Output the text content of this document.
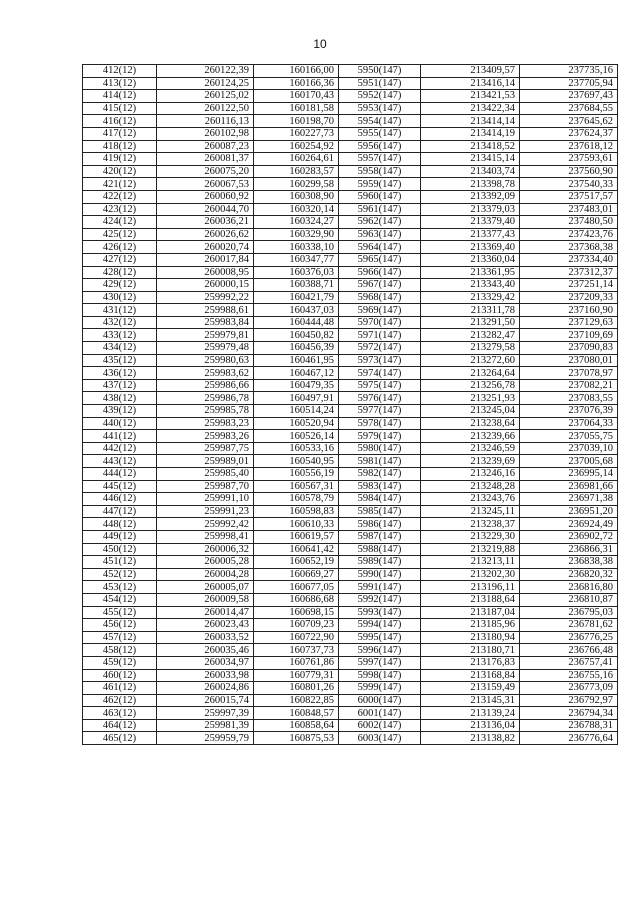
10
412(12)	260122,39	160166,00	5950(147)	213409,57	237735,16
413(12)	260124,25	160166,36	5951(147)	213416,14	237705,94
414(12)	260125,02	160170,43	5952(147)	213421,53	237697,43
415(12)	260122,50	160181,58	5953(147)	213422,34	237684,55
416(12)	260116,13	160198,70	5954(147)	213414,14	237645,62
417(12)	260102,98	160227,73	5955(147)	213414,19	237624,37
418(12)	260087,23	160254,92	5956(147)	213418,52	237618,12
419(12)	260081,37	160264,61	5957(147)	213415,14	237593,61
420(12)	260075,20	160283,57	5958(147)	213403,74	237560,90
421(12)	260067,53	160299,58	5959(147)	213398,78	237540,33
422(12)	260060,92	160308,90	5960(147)	213392,09	237517,57
423(12)	260044,70	160320,14	5961(147)	213379,03	237483,01
424(12)	260036,21	160324,27	5962(147)	213379,40	237480,50
425(12)	260026,62	160329,90	5963(147)	213377,43	237423,76
426(12)	260020,74	160338,10	5964(147)	213369,40	237368,38
427(12)	260017,84	160347,77	5965(147)	213360,04	237334,40
428(12)	260008,95	160376,03	5966(147)	213361,95	237312,37
429(12)	260000,15	160388,71	5967(147)	213343,40	237251,14
430(12)	259992,22	160421,79	5968(147)	213329,42	237209,33
431(12)	259988,61	160437,03	5969(147)	213311,78	237160,90
432(12)	259983,84	160444,48	5970(147)	213291,50	237129,63
433(12)	259979,81	160450,82	5971(147)	213282,47	237109,69
434(12)	259979,48	160456,39	5972(147)	213279,58	237090,83
435(12)	259980,63	160461,95	5973(147)	213272,60	237080,01
436(12)	259983,62	160467,12	5974(147)	213264,64	237078,97
437(12)	259986,66	160479,35	5975(147)	213256,78	237082,21
438(12)	259986,78	160497,91	5976(147)	213251,93	237083,55
439(12)	259985,78	160514,24	5977(147)	213245,04	237076,39
440(12)	259983,23	160520,94	5978(147)	213238,64	237064,33
441(12)	259983,26	160526,14	5979(147)	213239,66	237055,75
442(12)	259987,75	160533,16	5980(147)	213246,59	237039,10
443(12)	259989,01	160540,95	5981(147)	213239,69	237005,68
444(12)	259985,40	160556,19	5982(147)	213246,16	236995,14
445(12)	259987,70	160567,31	5983(147)	213248,28	236981,66
446(12)	259991,10	160578,79	5984(147)	213243,76	236971,38
447(12)	259991,23	160598,83	5985(147)	213245,11	236951,20
448(12)	259992,42	160610,33	5986(147)	213238,37	236924,49
449(12)	259998,41	160619,57	5987(147)	213229,30	236902,72
450(12)	260006,32	160641,42	5988(147)	213219,88	236866,31
451(12)	260005,28	160652,19	5989(147)	213213,11	236838,38
452(12)	260004,28	160669,27	5990(147)	213202,30	236820,32
453(12)	260005,07	160677,05	5991(147)	213196,11	236816,80
454(12)	260009,58	160686,68	5992(147)	213188,64	236810,87
455(12)	260014,47	160698,15	5993(147)	213187,04	236795,03
456(12)	260023,43	160709,23	5994(147)	213185,96	236781,62
457(12)	260033,52	160722,90	5995(147)	213180,94	236776,25
458(12)	260035,46	160737,73	5996(147)	213180,71	236766,48
459(12)	260034,97	160761,86	5997(147)	213176,83	236757,41
460(12)	260033,98	160779,31	5998(147)	213168,84	236755,16
461(12)	260024,86	160801,26	5999(147)	213159,49	236773,09
462(12)	260015,74	160822,85	6000(147)	213145,31	236792,97
463(12)	259997,39	160848,57	6001(147)	213139,24	236794,34
464(12)	259981,39	160858,64	6002(147)	213136,04	236788,31
465(12)	259959,79	160875,53	6003(147)	213138,82	236776,64
